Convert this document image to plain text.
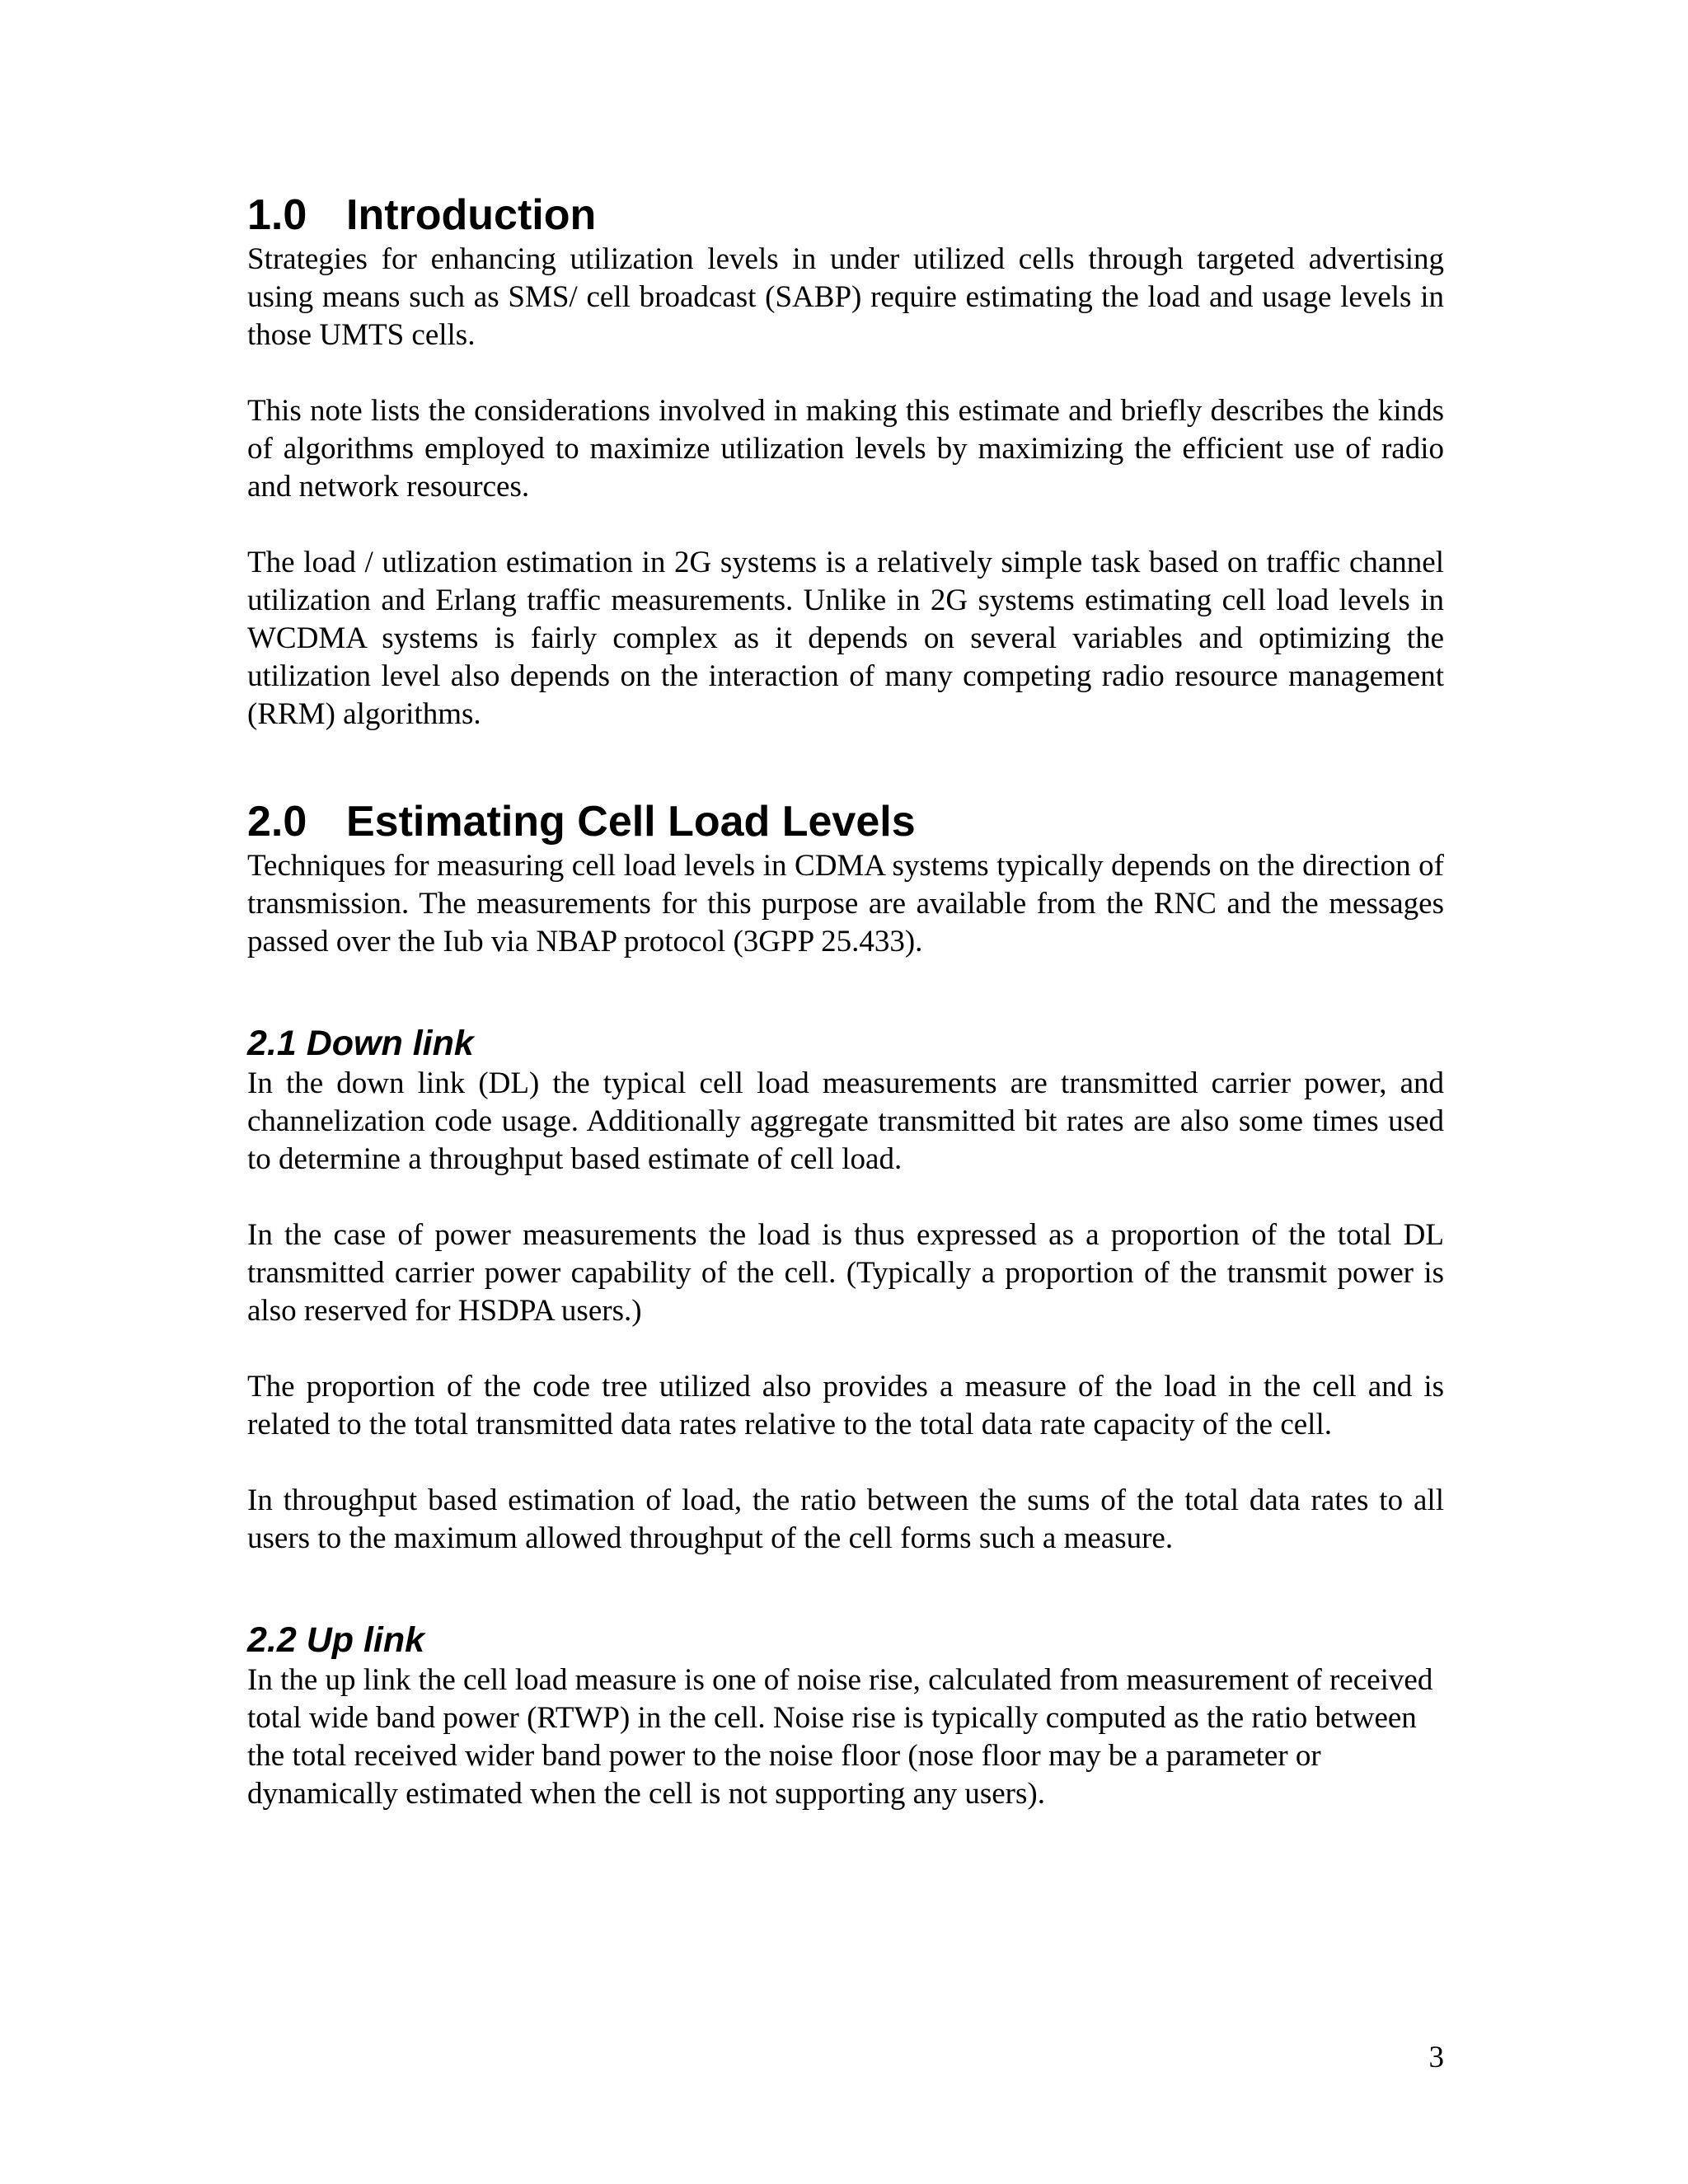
1.0 Introduction

Strategies for enhancing utilization levels in under utilized cells through targeted advertising using means such as SMS/ cell broadcast (SABP) require estimating the load and usage levels in those UMTS cells.

This note lists the considerations involved in making this estimate and briefly describes the kinds of algorithms employed to maximize utilization levels by maximizing the efficient use of radio and network resources.

The load / utlization estimation in 2G systems is a relatively simple task based on traffic channel utilization and Erlang traffic measurements. Unlike in 2G systems estimating cell load levels in WCDMA systems is fairly complex as it depends on several variables and optimizing the utilization level also depends on the interaction of many competing radio resource management (RRM) algorithms.

2.0 Estimating Cell Load Levels

Techniques for measuring cell load levels in CDMA systems typically depends on the direction of transmission. The measurements for this purpose are available from the RNC and the messages passed over the Iub via NBAP protocol (3GPP 25.433).

2.1 Down link

In the down link (DL) the typical cell load measurements are transmitted carrier power, and channelization code usage. Additionally aggregate transmitted bit rates are also some times used to determine a throughput based estimate of cell load.

In the case of power measurements the load is thus expressed as a proportion of the total DL transmitted carrier power capability of the cell. (Typically a proportion of the transmit power is also reserved for HSDPA users.)

The proportion of the code tree utilized also provides a measure of the load in the cell and is related to the total transmitted data rates relative to the total data rate capacity of the cell.

In throughput based estimation of load, the ratio between the sums of the total data rates to all users to the maximum allowed throughput of the cell forms such a measure.

2.2 Up link

In the up link the cell load measure is one of noise rise, calculated from measurement of received total wide band power (RTWP) in the cell. Noise rise is typically computed as the ratio between the total received wider band power to the noise floor (nose floor may be a parameter or dynamically estimated when the cell is not supporting any users).

3
